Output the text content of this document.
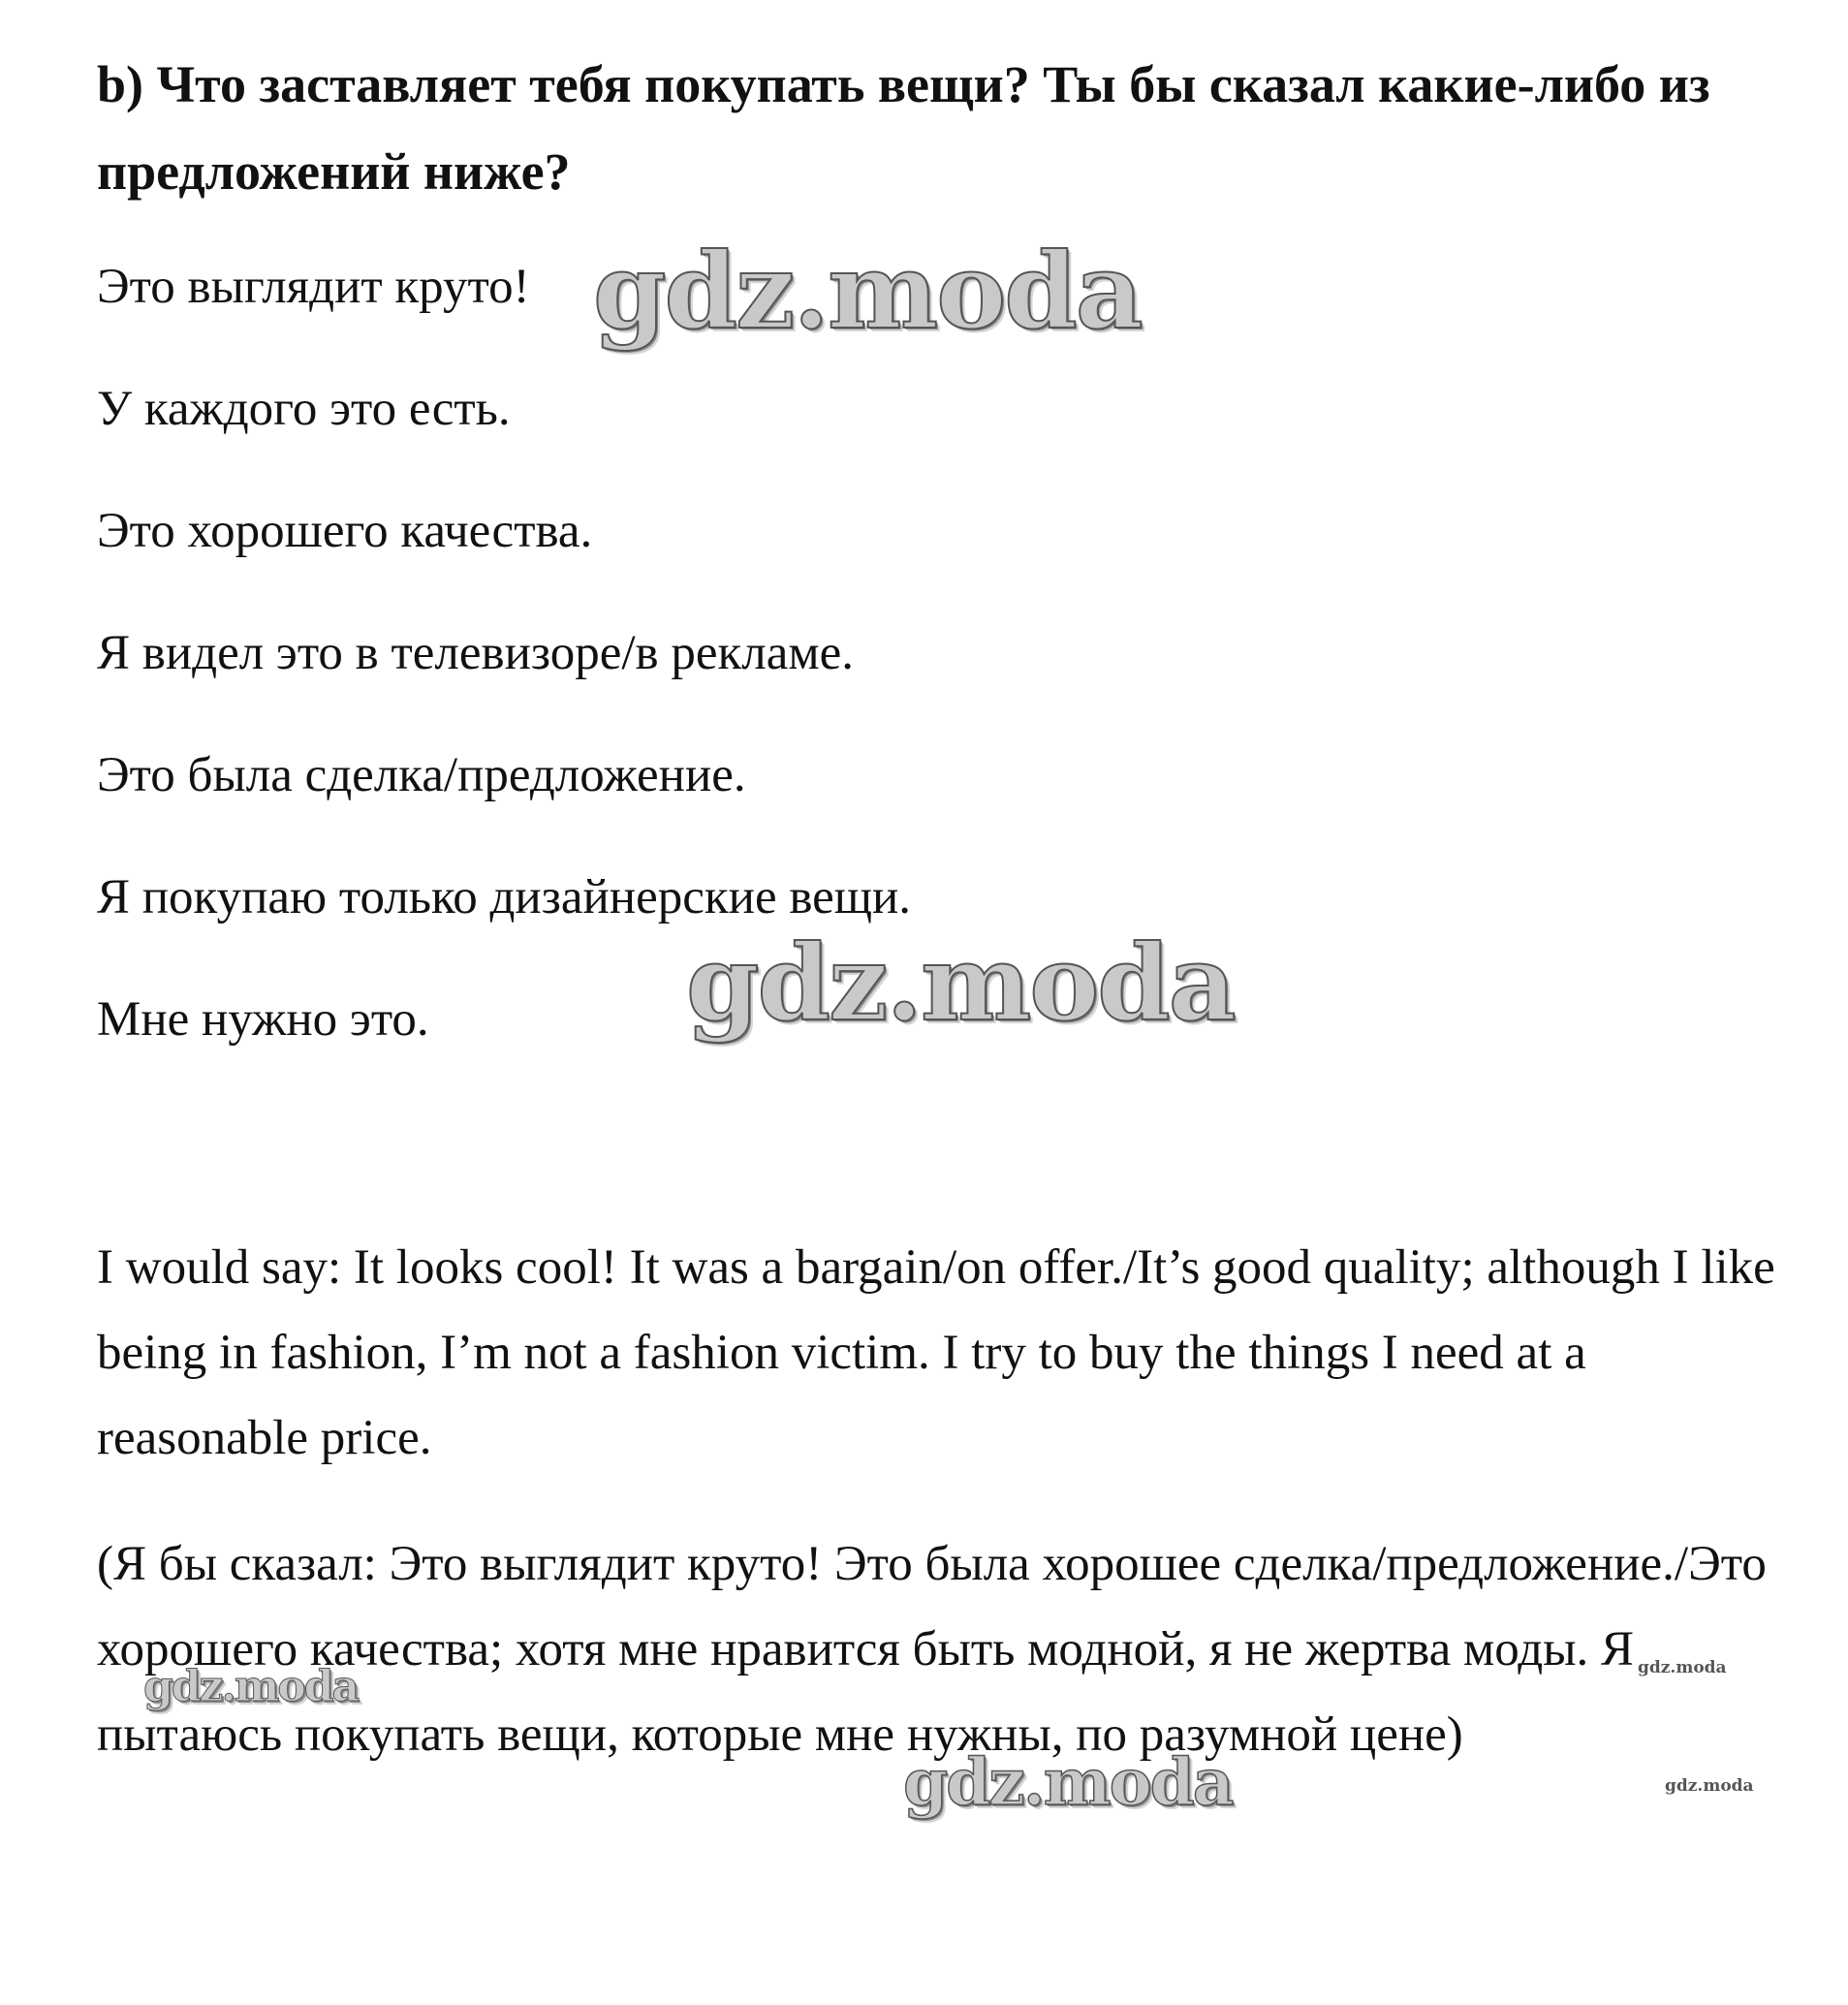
b) Что заставляет тебя покупать вещи? Ты бы сказал какие-либо из предложений ниже?

Это выглядит круто!

У каждого это есть.

Это хорошего качества.

Я видел это в телевизоре/в рекламе.

Это была сделка/предложение.

Я покупаю только дизайнерские вещи.

Мне нужно это.

I would say: It looks cool! It was a bargain/on offer./It’s good quality; although I like being in fashion, I’m not a fashion victim. I try to buy the things I need at a reasonable price.

(Я бы сказал: Это выглядит круто! Это была хорошее сделка/предложение./Это хорошего качества; хотя мне нравится быть модной, я не жертва моды. Я пытаюсь покупать вещи, которые мне нужны, по разумной цене)

gdz.moda
gdz.moda
gdz.moda
gdz.moda
gdz.moda
gdz.moda
